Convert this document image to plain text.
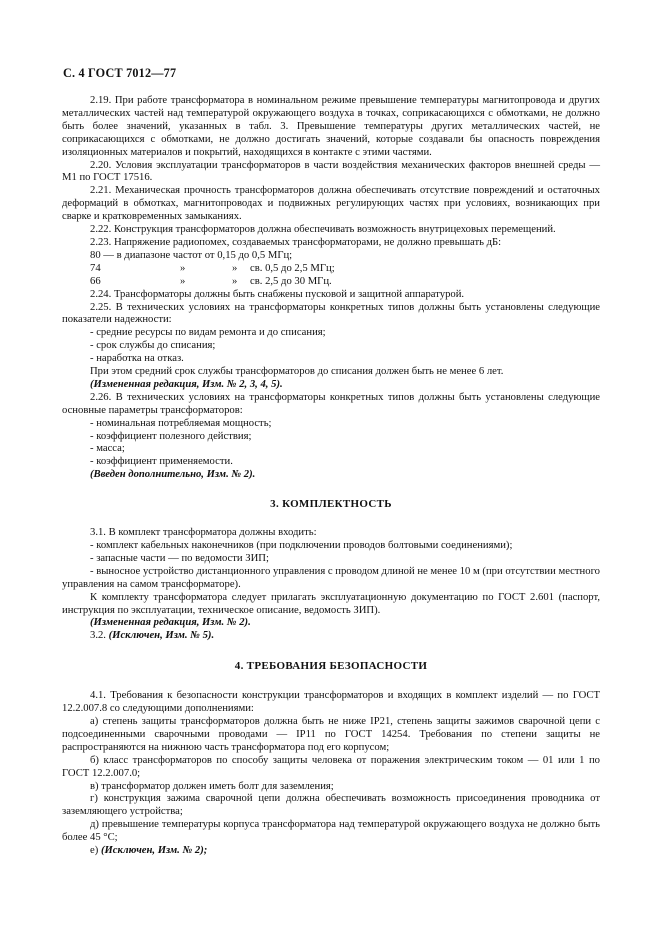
С. 4 ГОСТ 7012—77

2.19. При работе трансформатора в номинальном режиме превышение температуры магнитопровода и других металлических частей над температурой окружающего воздуха в точках, соприкасающихся с обмотками, не должно быть более значений, указанных в табл. 3. Превышение температуры других металлических частей, не соприкасающихся с обмотками, не должно достигать значений, которые создавали бы опасность повреждения изоляционных материалов и покрытий, находящихся в контакте с этими частями.

2.20. Условия эксплуатации трансформаторов в части воздействия механических факторов внешней среды — М1 по ГОСТ 17516.

2.21. Механическая прочность трансформаторов должна обеспечивать отсутствие повреждений и остаточных деформаций в обмотках, магнитопроводах и подвижных регулирующих частях при условиях, возникающих при сварке и кратковременных замыканиях.

2.22. Конструкция трансформаторов должна обеспечивать возможность внутрицеховых перемещений.

2.23. Напряжение радиопомех, создаваемых трансформаторами, не должно превышать дБ:

80 — в диапазоне частот от 0,15 до 0,5 МГц;

74	»	»	св. 0,5 до 2,5 МГц;
66	»	»	св. 2,5 до 30 МГц.

2.24. Трансформаторы должны быть снабжены пусковой и защитной аппаратурой.

2.25. В технических условиях на трансформаторы конкретных типов должны быть установлены следующие показатели надежности:

- средние ресурсы по видам ремонта и до списания;

- срок службы до списания;

- наработка на отказ.

При этом средний срок службы трансформаторов до списания должен быть не менее 6 лет.

(Измененная редакция, Изм. № 2, 3, 4, 5).

2.26. В технических условиях на трансформаторы конкретных типов должны быть установлены следующие основные параметры трансформаторов:

- номинальная потребляемая мощность;

- коэффициент полезного действия;

- масса;

- коэффициент применяемости.

(Введен дополнительно, Изм. № 2).

3. КОМПЛЕКТНОСТЬ

3.1. В комплект трансформатора должны входить:

- комплект кабельных наконечников (при подключении проводов болтовыми соединениями);

- запасные части — по ведомости ЗИП;

- выносное устройство дистанционного управления с проводом длиной не менее 10 м (при отсутствии местного управления на самом трансформаторе).

К комплекту трансформатора следует прилагать эксплуатационную документацию по ГОСТ 2.601 (паспорт, инструкция по эксплуатации, техническое описание, ведомость ЗИП).

(Измененная редакция, Изм. № 2).

3.2. (Исключен, Изм. № 5).

4. ТРЕБОВАНИЯ БЕЗОПАСНОСТИ

4.1. Требования к безопасности конструкции трансформаторов и входящих в комплект изделий — по ГОСТ 12.2.007.8 со следующими дополнениями:

а) степень защиты трансформаторов должна быть не ниже IP21, степень защиты зажимов сварочной цепи с подсоединенными сварочными проводами — IP11 по ГОСТ 14254. Требования по степени защиты не распространяются на нижнюю часть трансформатора под его корпусом;

б) класс трансформаторов по способу защиты человека от поражения электрическим током — 01 или 1 по ГОСТ 12.2.007.0;

в) трансформатор должен иметь болт для заземления;

г) конструкция зажима сварочной цепи должна обеспечивать возможность присоединения проводника от заземляющего устройства;

д) превышение температуры корпуса трансформатора над температурой окружающего воздуха не должно быть более 45 °С;

е) (Исключен, Изм. № 2);
